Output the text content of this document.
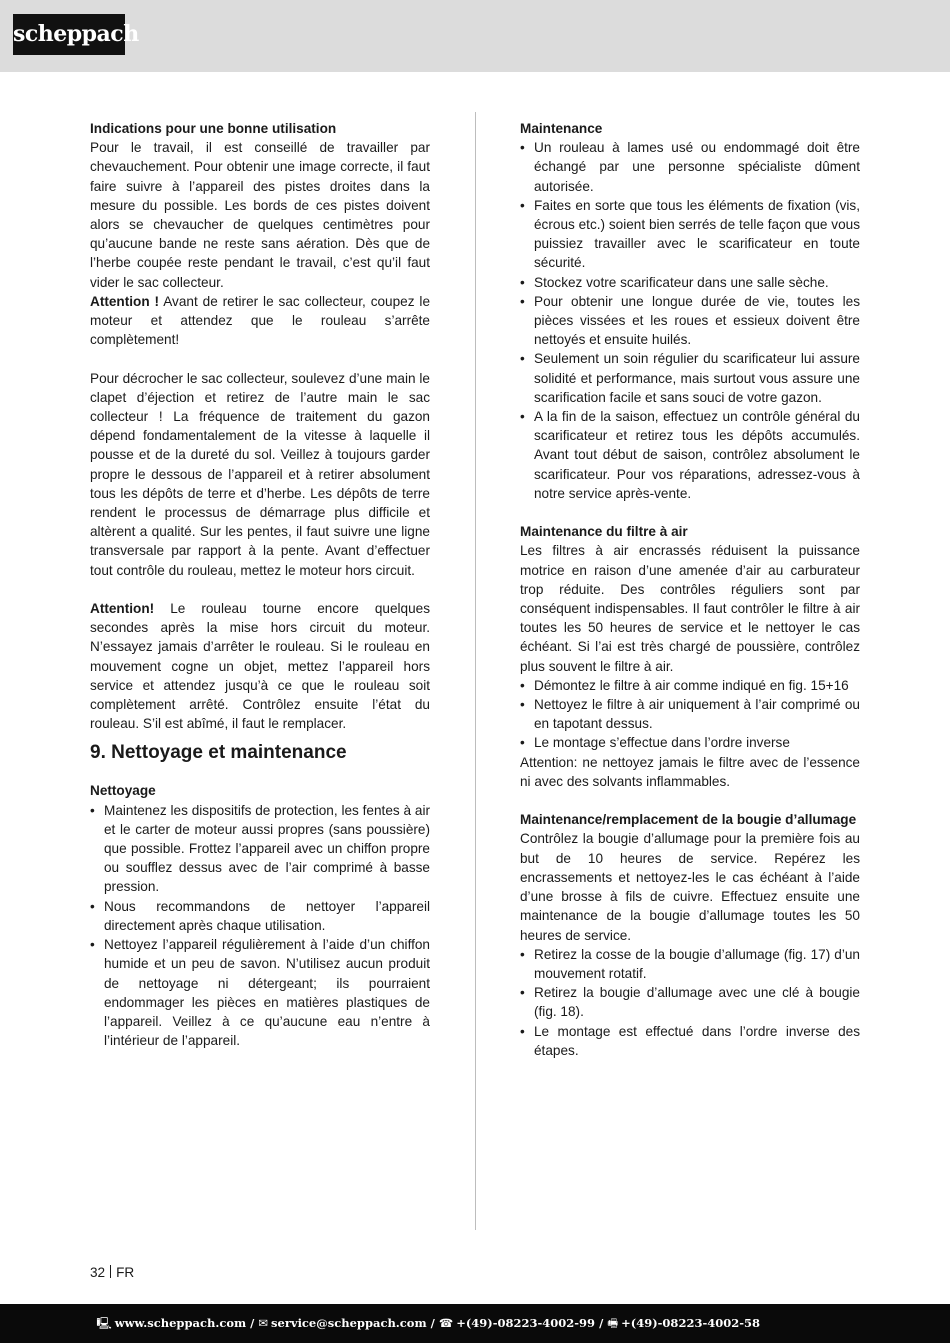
scheppach

Indications pour une bonne utilisation

Pour le travail, il est conseillé de travailler par chevauchement. Pour obtenir une image correcte, il faut faire suivre à l’appareil des pistes droites dans la mesure du possible. Les bords de ces pistes doivent alors se chevaucher de quelques centimètres pour qu’aucune bande ne reste sans aération. Dès que de l’herbe coupée reste pendant le travail, c’est qu’il faut vider le sac collecteur.

Attention ! Avant de retirer le sac collecteur, coupez le moteur et attendez que le rouleau s’arrête complètement!

Pour décrocher le sac collecteur, soulevez d’une main le clapet d’éjection et retirez de l’autre main le sac collecteur ! La fréquence de traitement du gazon dépend fondamentalement de la vitesse à laquelle il pousse et de la dureté du sol. Veillez à toujours garder propre le dessous de l’appareil et à retirer absolument tous les dépôts de terre et d’herbe. Les dépôts de terre rendent le processus de démarrage plus difficile et altèrent a qualité. Sur les pentes, il faut suivre une ligne transversale par rapport à la pente. Avant d’effectuer tout contrôle du rouleau, mettez le moteur hors circuit.

Attention! Le rouleau tourne encore quelques secondes après la mise hors circuit du moteur. N’essayez jamais d’arrêter le rouleau. Si le rouleau en mouvement cogne un objet, mettez l’appareil hors service et attendez jusqu’à ce que le rouleau soit complètement arrêté. Contrôlez ensuite l’état du rouleau. S’il est abîmé, il faut le remplacer.

9. Nettoyage et maintenance

Nettoyage

• Maintenez les dispositifs de protection, les fentes à air et le carter de moteur aussi propres (sans poussière) que possible. Frottez l’appareil avec un chiffon propre ou soufflez dessus avec de l’air comprimé à basse pression.
• Nous recommandons de nettoyer l’appareil directement après chaque utilisation.
• Nettoyez l’appareil régulièrement à l’aide d’un chiffon humide et un peu de savon. N’utilisez aucun produit de nettoyage ni détergeant; ils pourraient endommager les pièces en matières plastiques de l’appareil. Veillez à ce qu’aucune eau n’entre à l’intérieur de l’appareil.

Maintenance

• Un rouleau à lames usé ou endommagé doit être échangé par une personne spécialiste dûment autorisée.
• Faites en sorte que tous les éléments de fixation (vis, écrous etc.) soient bien serrés de telle façon que vous puissiez travailler avec le scarificateur en toute sécurité.
• Stockez votre scarificateur dans une salle sèche.
• Pour obtenir une longue durée de vie, toutes les pièces vissées et les roues et essieux doivent être nettoyés et ensuite huilés.
• Seulement un soin régulier du scarificateur lui assure solidité et performance, mais surtout vous assure une scarification facile et sans souci de votre gazon.
• A la fin de la saison, effectuez un contrôle général du scarificateur et retirez tous les dépôts accumulés. Avant tout début de saison, contrôlez absolument le scarificateur. Pour vos réparations, adressez-vous à notre service après-vente.

Maintenance du filtre à air

Les filtres à air encrassés réduisent la puissance motrice en raison d’une amenée d’air au carburateur trop réduite. Des contrôles réguliers sont par conséquent indispensables. Il faut contrôler le filtre à air toutes les 50 heures de service et le nettoyer le cas échéant. Si l’ai est très chargé de poussière, contrôlez plus souvent le filtre à air.

• Démontez le filtre à air comme indiqué en fig. 15+16
• Nettoyez le filtre à air uniquement à l’air comprimé ou en tapotant dessus.
• Le montage s’effectue dans l’ordre inverse

Attention: ne nettoyez jamais le filtre avec de l’essence ni avec des solvants inflammables.

Maintenance/remplacement de la bougie d’allumage

Contrôlez la bougie d’allumage pour la première fois au but de 10 heures de service. Repérez les encrassements et nettoyez-les le cas échéant à l’aide d’une brosse à fils de cuivre. Effectuez ensuite une maintenance de la bougie d’allumage toutes les 50 heures de service.

• Retirez la cosse de la bougie d’allumage (fig. 17) d’un mouvement rotatif.
• Retirez la bougie d’allumage avec une clé à bougie (fig. 18).
• Le montage est effectué dans l’ordre inverse des étapes.
32 FR
🖳 www.scheppach.com / ✉ service@scheppach.com / ☎ +(49)-08223-4002-99 / 🖷 +(49)-08223-4002-58
